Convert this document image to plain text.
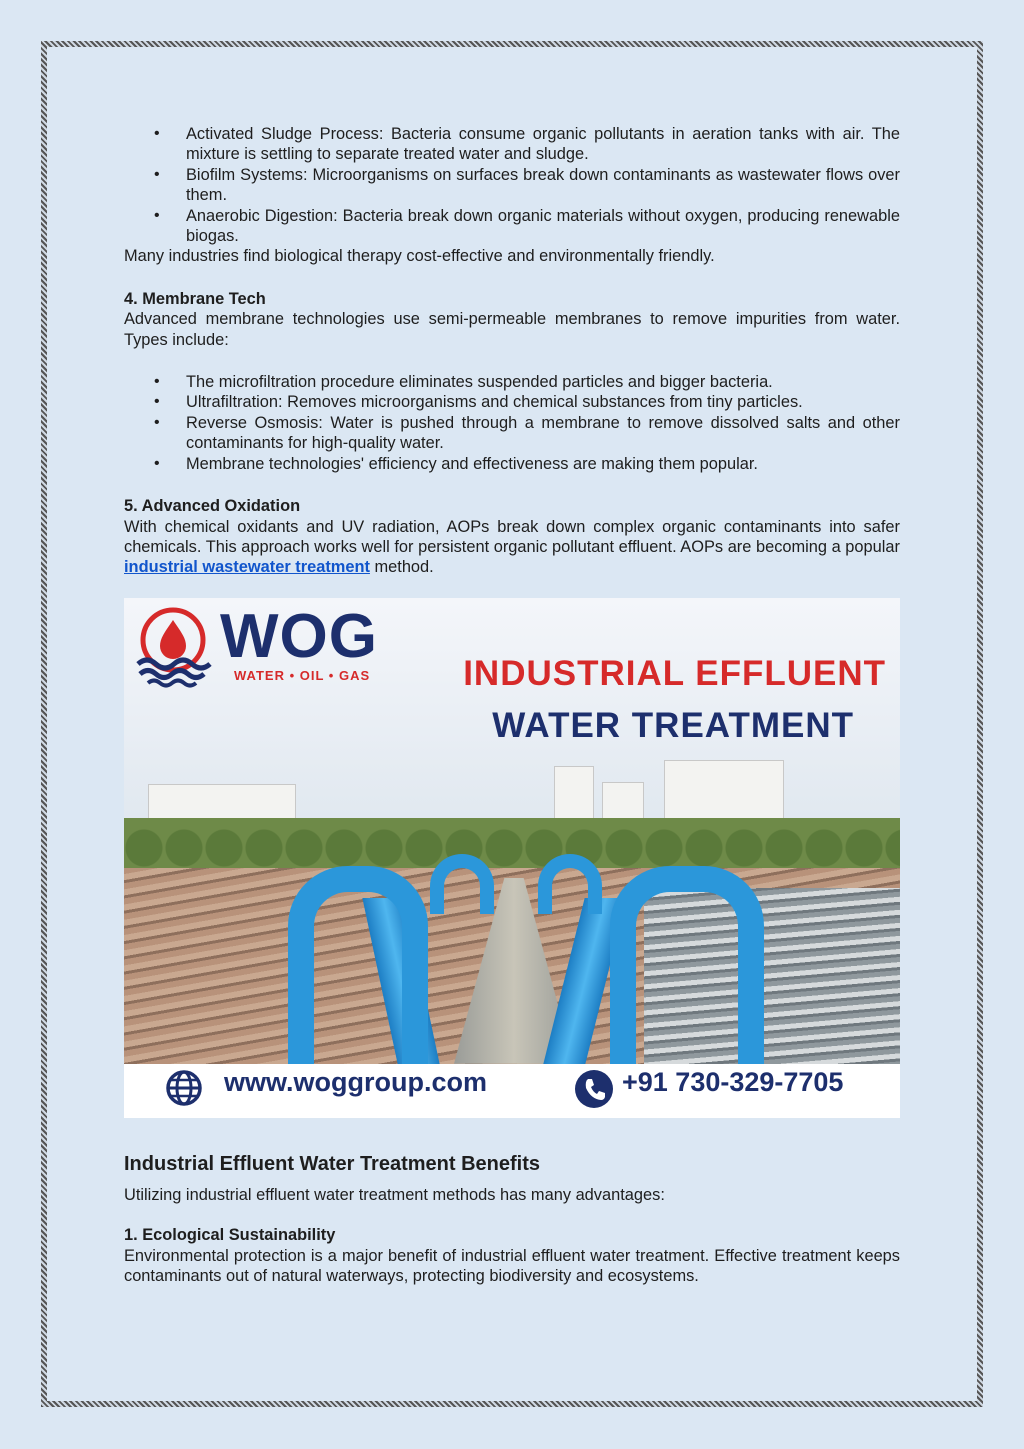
• Activated Sludge Process: Bacteria consume organic pollutants in aeration tanks with air. The mixture is settling to separate treated water and sludge.
• Biofilm Systems: Microorganisms on surfaces break down contaminants as wastewater flows over them.
• Anaerobic Digestion: Bacteria break down organic materials without oxygen, producing renewable biogas.

Many industries find biological therapy cost-effective and environmentally friendly.

4. Membrane Tech

Advanced membrane technologies use semi-permeable membranes to remove impurities from water. Types include:

• The microfiltration procedure eliminates suspended particles and bigger bacteria.
• Ultrafiltration: Removes microorganisms and chemical substances from tiny particles.
• Reverse Osmosis: Water is pushed through a membrane to remove dissolved salts and other contaminants for high-quality water.
• Membrane technologies' efficiency and effectiveness are making them popular.
5. Advanced Oxidation

With chemical oxidants and UV radiation, AOPs break down complex organic contaminants into safer chemicals. This approach works well for persistent organic pollutant effluent. AOPs are becoming a popular industrial wastewater treatment method.

WOG
WATER • OIL • GAS	INDUSTRIAL EFFLUENT
WATER TREATMENT
www.woggroup.com	+91 730-329-7705
Industrial Effluent Water Treatment Benefits

Utilizing industrial effluent water treatment methods has many advantages:

1. Ecological Sustainability

Environmental protection is a major benefit of industrial effluent water treatment. Effective treatment keeps contaminants out of natural waterways, protecting biodiversity and ecosystems.
